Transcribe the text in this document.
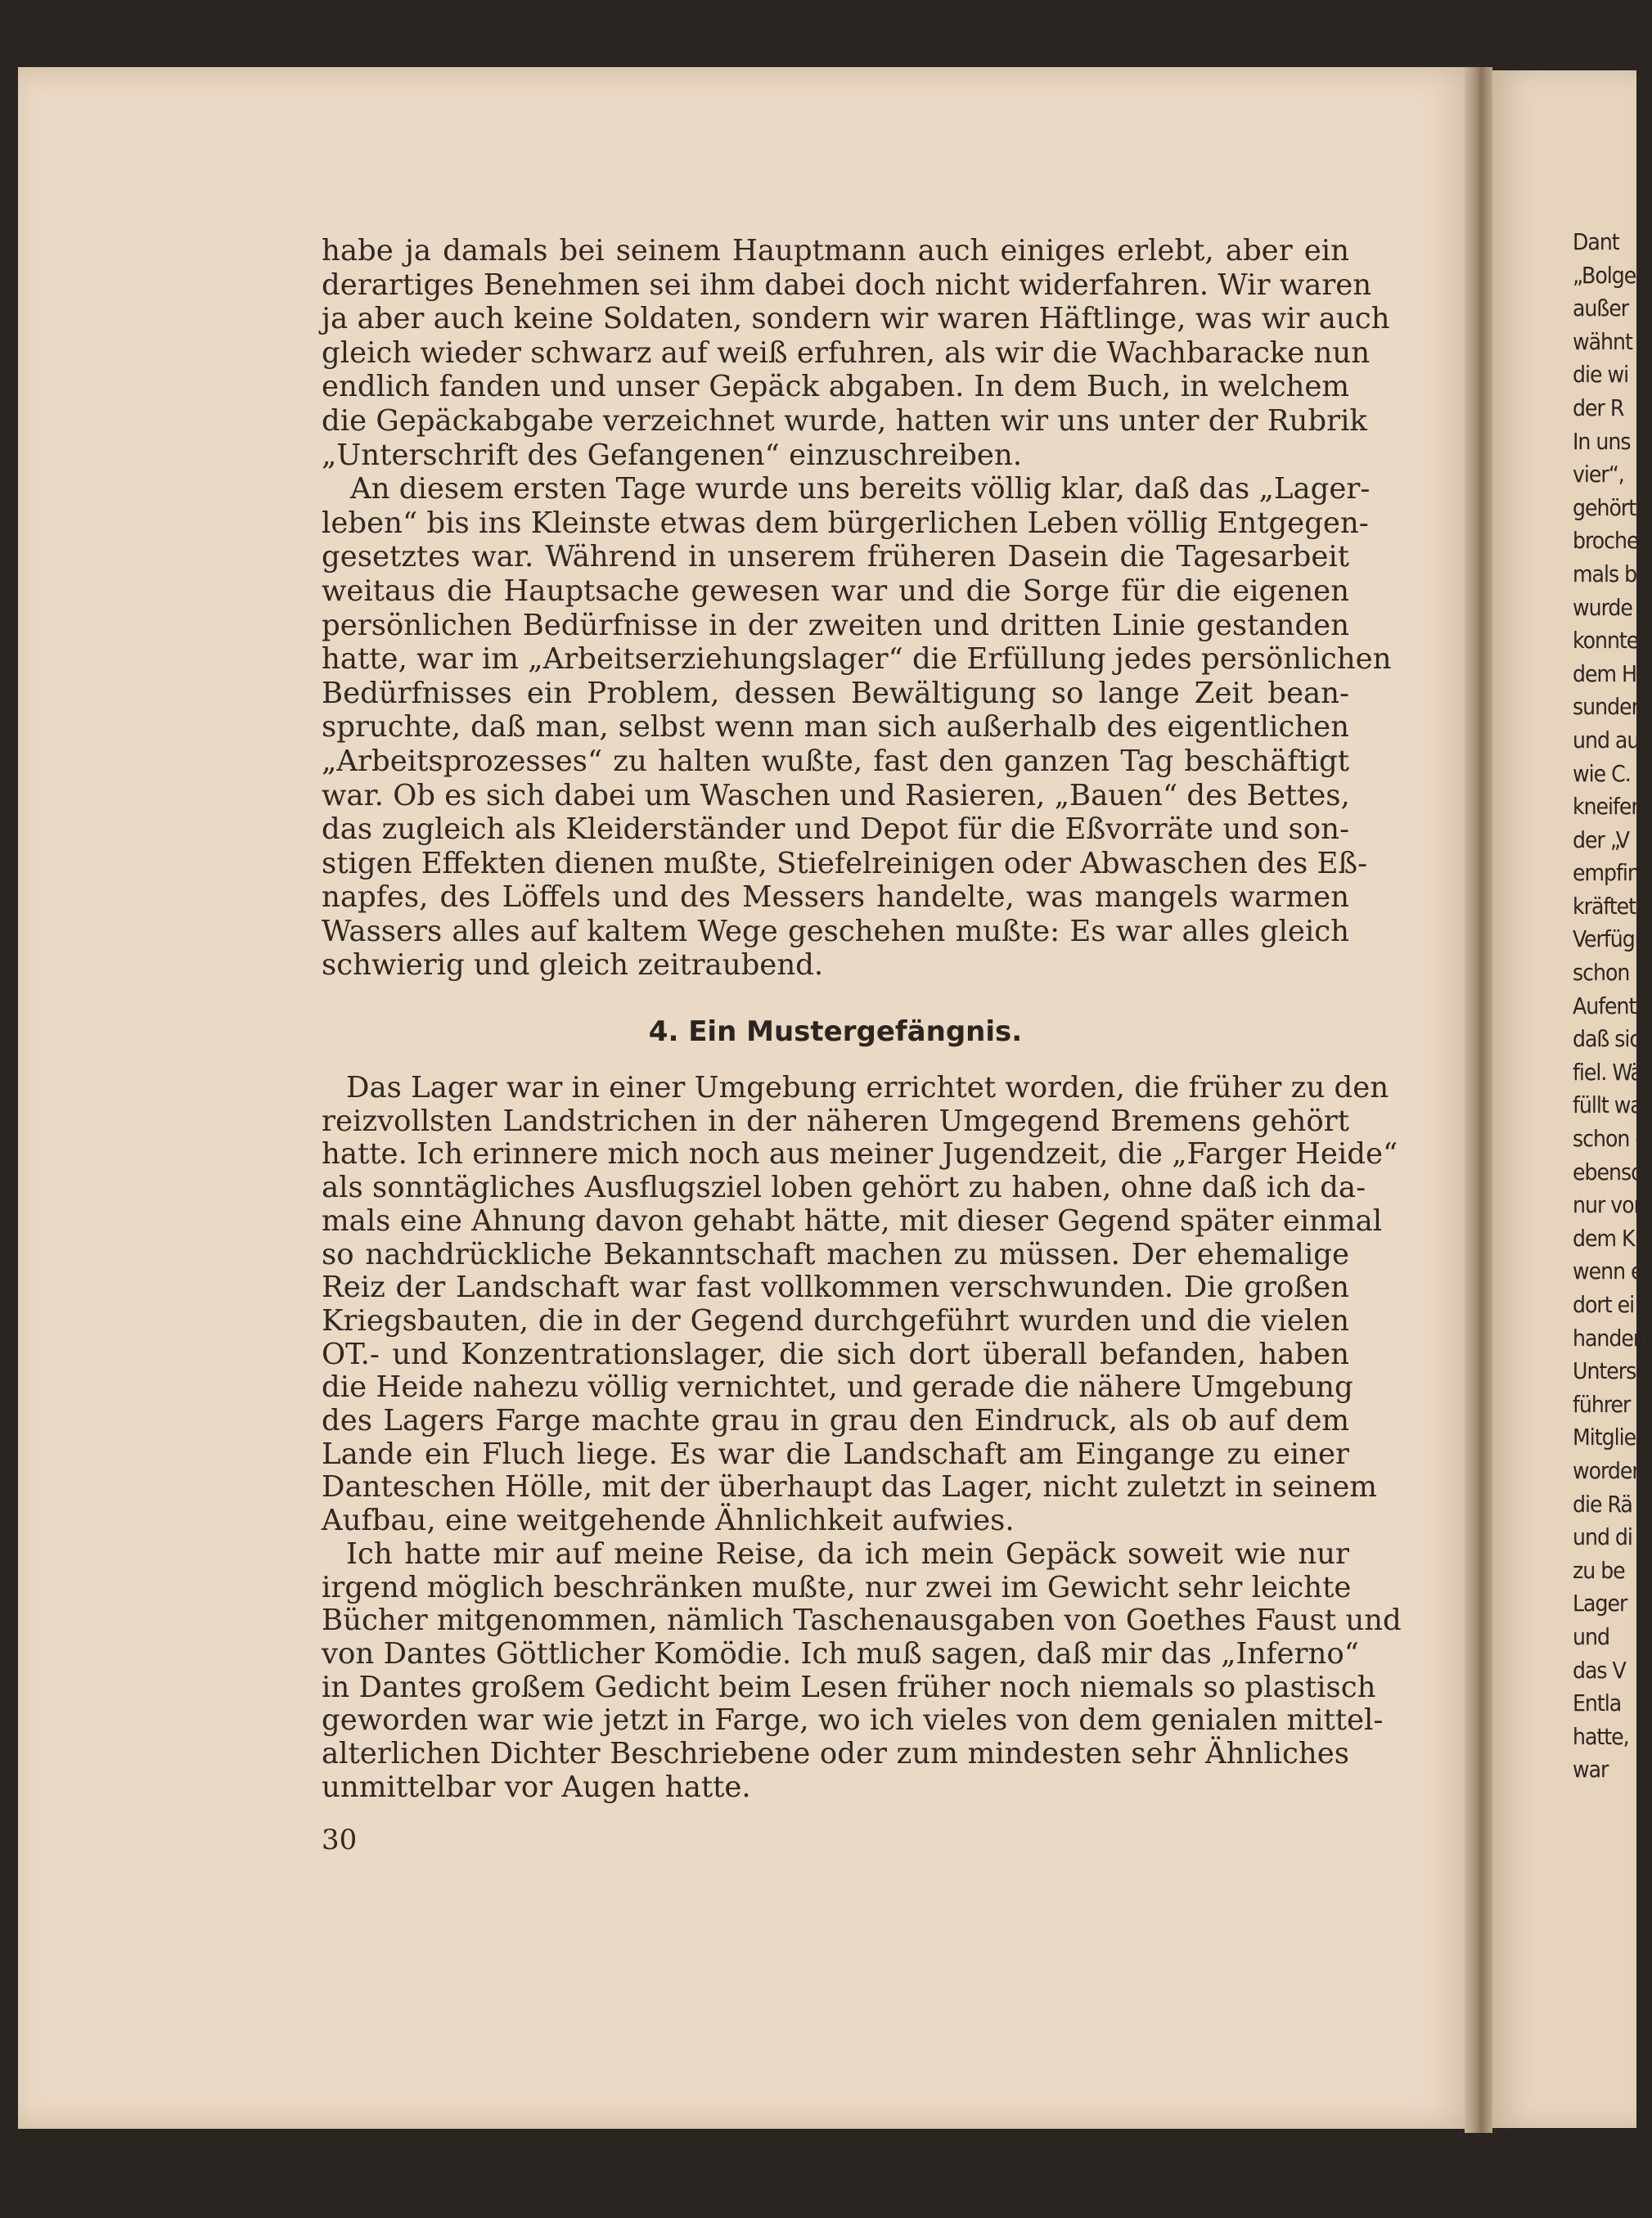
habe ja damals bei seinem Hauptmann auch einiges erlebt, aber ein
derartiges Benehmen sei ihm dabei doch nicht widerfahren. Wir waren
ja aber auch keine Soldaten, sondern wir waren Häftlinge, was wir auch
gleich wieder schwarz auf weiß erfuhren, als wir die Wachbaracke nun
endlich fanden und unser Gepäck abgaben. In dem Buch, in welchem
die Gepäckabgabe verzeichnet wurde, hatten wir uns unter der Rubrik
„Unterschrift des Gefangenen“ einzuschreiben.
An diesem ersten Tage wurde uns bereits völlig klar, daß das „Lager-
leben“ bis ins Kleinste etwas dem bürgerlichen Leben völlig Entgegen-
gesetztes war. Während in unserem früheren Dasein die Tagesarbeit
weitaus die Hauptsache gewesen war und die Sorge für die eigenen
persönlichen Bedürfnisse in der zweiten und dritten Linie gestanden
hatte, war im „Arbeitserziehungslager“ die Erfüllung jedes persönlichen
Bedürfnisses ein Problem, dessen Bewältigung so lange Zeit bean-
spruchte, daß man, selbst wenn man sich außerhalb des eigentlichen
„Arbeitsprozesses“ zu halten wußte, fast den ganzen Tag beschäftigt
war. Ob es sich dabei um Waschen und Rasieren, „Bauen“ des Bettes,
das zugleich als Kleiderständer und Depot für die Eßvorräte und son-
stigen Effekten dienen mußte, Stiefelreinigen oder Abwaschen des Eß-
napfes, des Löffels und des Messers handelte, was mangels warmen
Wassers alles auf kaltem Wege geschehen mußte: Es war alles gleich
schwierig und gleich zeitraubend.
4. Ein Mustergefängnis.
Das Lager war in einer Umgebung errichtet worden, die früher zu den
reizvollsten Landstrichen in der näheren Umgegend Bremens gehört
hatte. Ich erinnere mich noch aus meiner Jugendzeit, die „Farger Heide“
als sonntägliches Ausflugsziel loben gehört zu haben, ohne daß ich da-
mals eine Ahnung davon gehabt hätte, mit dieser Gegend später einmal
so nachdrückliche Bekanntschaft machen zu müssen. Der ehemalige
Reiz der Landschaft war fast vollkommen verschwunden. Die großen
Kriegsbauten, die in der Gegend durchgeführt wurden und die vielen
OT.- und Konzentrationslager, die sich dort überall befanden, haben
die Heide nahezu völlig vernichtet, und gerade die nähere Umgebung
des Lagers Farge machte grau in grau den Eindruck, als ob auf dem
Lande ein Fluch liege. Es war die Landschaft am Eingange zu einer
Danteschen Hölle, mit der überhaupt das Lager, nicht zuletzt in seinem
Aufbau, eine weitgehende Ähnlichkeit aufwies.
Ich hatte mir auf meine Reise, da ich mein Gepäck soweit wie nur
irgend möglich beschränken mußte, nur zwei im Gewicht sehr leichte
Bücher mitgenommen, nämlich Taschenausgaben von Goethes Faust und
von Dantes Göttlicher Komödie. Ich muß sagen, daß mir das „Inferno“
in Dantes großem Gedicht beim Lesen früher noch niemals so plastisch
geworden war wie jetzt in Farge, wo ich vieles von dem genialen mittel-
alterlichen Dichter Beschriebene oder zum mindesten sehr Ähnliches
unmittelbar vor Augen hatte.
30
Dant
„Bolge
außer
wähnt
die wi
der R
In uns
vier“,
gehört
broche
mals b
wurde
konnte
dem H
sunden
und au
wie C.
kneifen
der „V
empfing
kräftete
Verfügu
schon
Aufenth
daß sic
fiel. Wä
füllt wa
schon g
ebenso
nur vor
dem K
wenn e
dort ei
handen,
Untersc
führer
Mitglie
worden
die Rä
und di
zu be
Lager
und
das V
Entla
hatte,
war
